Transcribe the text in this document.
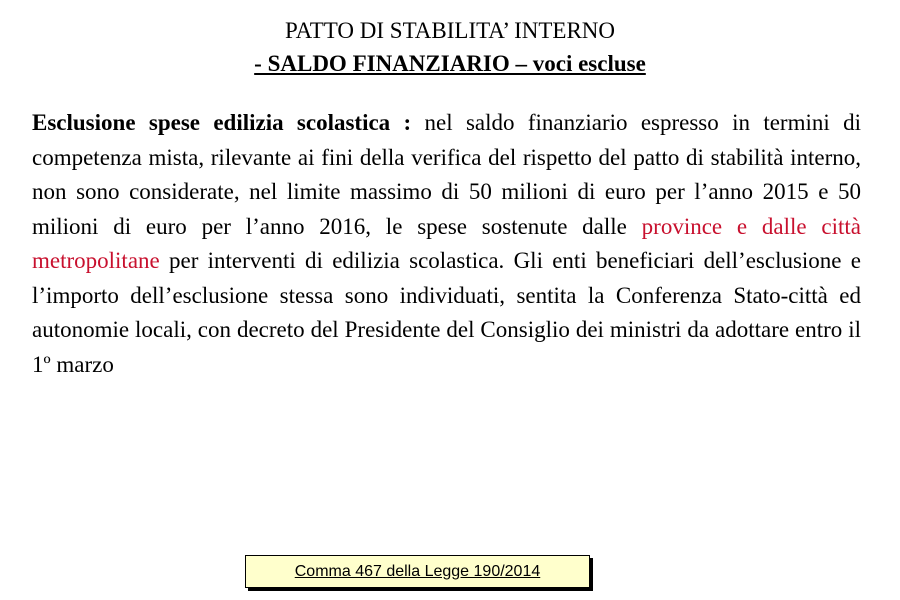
PATTO DI STABILITA’ INTERNO

- SALDO FINANZIARIO – voci escluse

Esclusione spese edilizia scolastica : nel saldo finanziario espresso in termini di competenza mista, rilevante ai fini della verifica del rispetto del patto di stabilità interno, non sono considerate, nel limite massimo di 50 milioni di euro per l’anno 2015 e 50 milioni di euro per l’anno 2016, le spese sostenute dalle province e dalle città metropolitane per interventi di edilizia scolastica. Gli enti beneficiari dell’esclusione e l’importo dell’esclusione stessa sono individuati, sentita la Conferenza Stato-città ed autonomie locali, con decreto del Presidente del Consiglio dei ministri da adottare entro il 1º marzo

Comma 467 della Legge 190/2014
